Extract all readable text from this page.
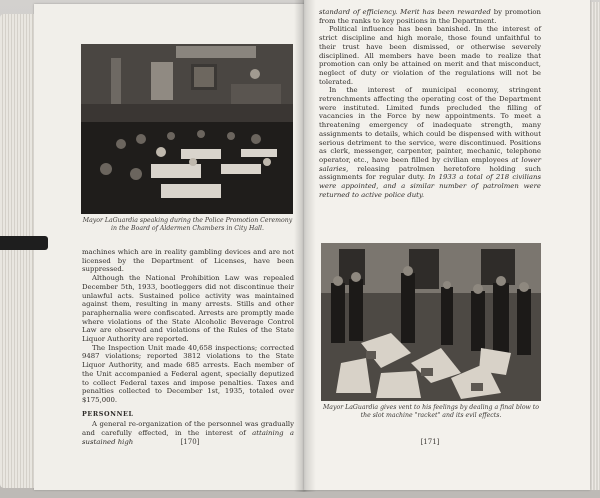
Mayor LaGuardia speaking during the Police Promotion Ceremony in the Board of Aldermen Chambers in City Hall.

machines which are in reality gambling devices and are not licensed by the Department of Licenses, have been suppressed.

Although the National Prohibition Law was repealed December 5th, 1933, bootleggers did not discontinue their unlawful acts. Sustained police activity was maintained against them, resulting in many arrests. Stills and other paraphernalia were confiscated. Arrests are promptly made where violations of the State Alcoholic Beverage Control Law are observed and violations of the Rules of the State Liquor Authority are reported.

The Inspection Unit made 40,658 inspections; corrected 9487 violations; reported 3812 violations to the State Liquor Authority, and made 685 arrests. Each member of the Unit accompanied a Federal agent, specially deputized to collect Federal taxes and impose penalties. Taxes and penalties collected to December 1st, 1935, totaled over $175,000.

PERSONNEL

A general re-organization of the personnel was gradually and carefully effected, in the interest of attaining a sustained high	[170]

standard of efficiency. Merit has been rewarded by promotion from the ranks to key positions in the Department.

Political influence has been banished. In the interest of strict discipline and high morale, those found unfaithful to their trust have been dismissed, or otherwise severely disciplined. All members have been made to realize that promotion can only be attained on merit and that misconduct, neglect of duty or violation of the regulations will not be tolerated.

In the interest of municipal economy, stringent retrenchments affecting the operating cost of the Department were instituted. Limited funds precluded the filling of vacancies in the Force by new appointments. To meet a threatening emergency of inadequate strength, many assignments to details, which could be dispensed with without serious detriment to the service, were discontinued. Positions as clerk, messenger, carpenter, painter, mechanic, telephone operator, etc., have been filled by civilian employees at lower salaries, releasing patrolmen heretofore holding such assignments for regular duty. In 1933 a total of 218 civilians were appointed, and a similar number of patrolmen were returned to active police duty.

Mayor LaGuardia gives vent to his feelings by dealing a final blow to the slot machine "racket" and its evil effects.
[171]
